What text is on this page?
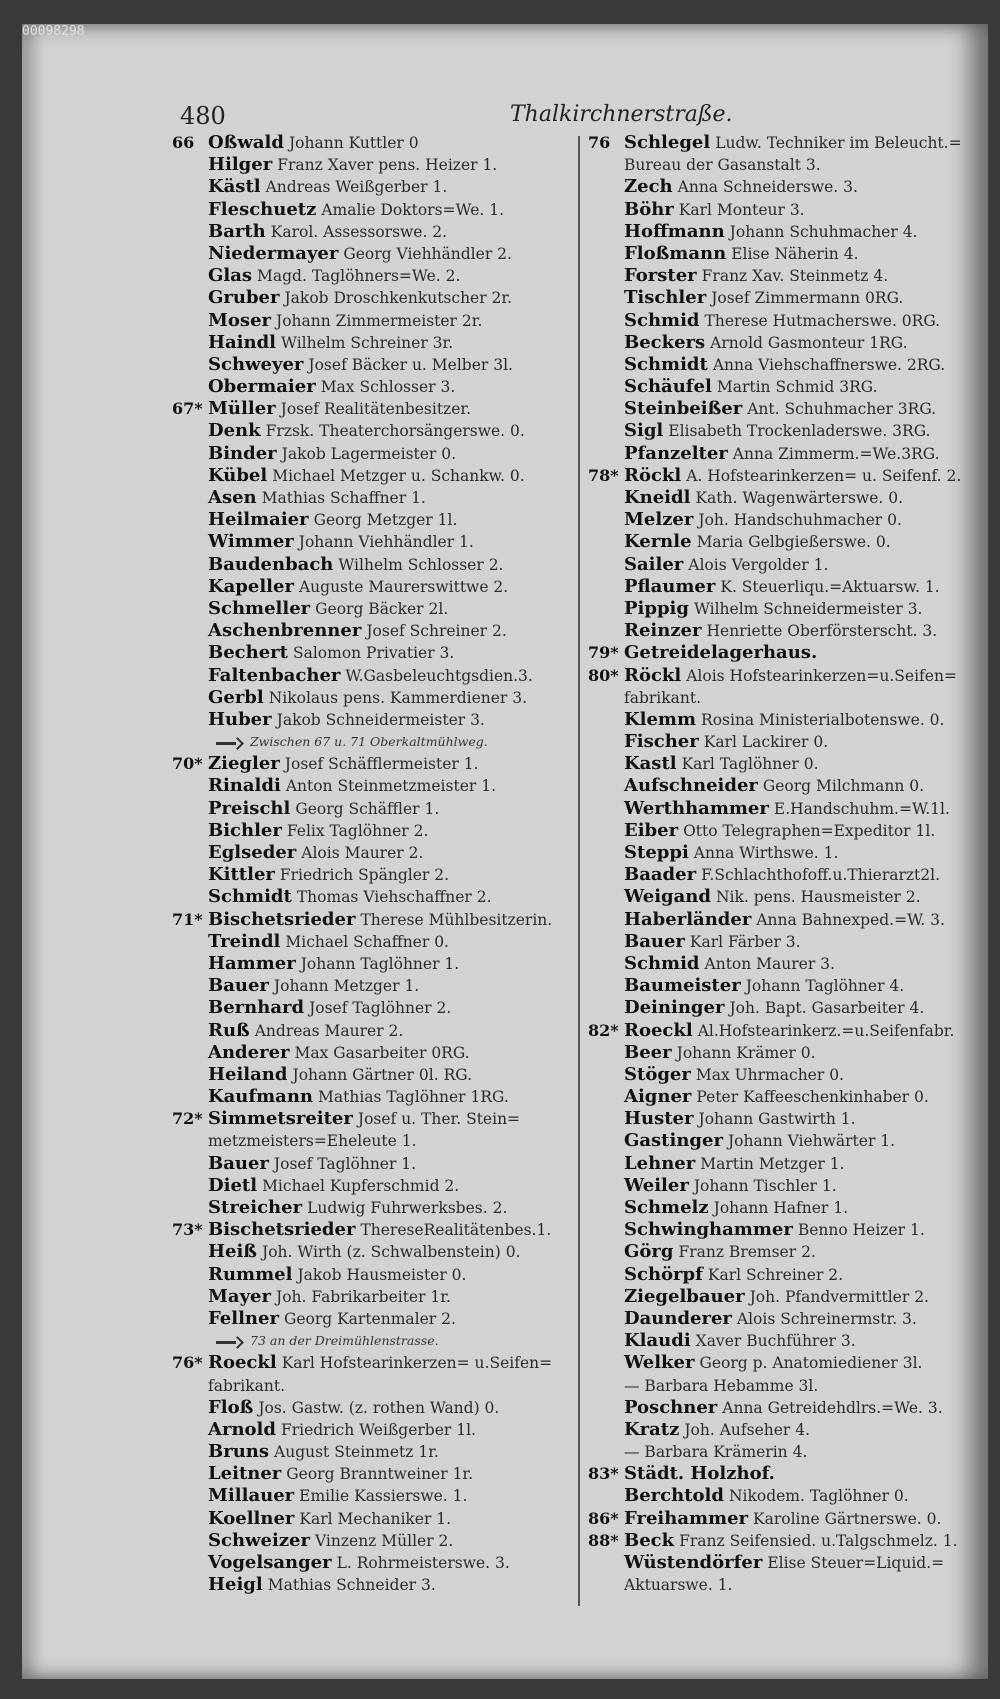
00098298
480	Thalkirchnerstraße.
66 Oßwald Johann Kuttler 0
Hilger Franz Xaver pens. Heizer 1.
Kästl Andreas Weißgerber 1.
Fleschuetz Amalie Doktors=We. 1.
Barth Karol. Assessorswe. 2.
Niedermayer Georg Viehhändler 2.
Glas Magd. Taglöhners=We. 2.
Gruber Jakob Droschkenkutscher 2r.
Moser Johann Zimmermeister 2r.
Haindl Wilhelm Schreiner 3r.
Schweyer Josef Bäcker u. Melber 3l.
Obermaier Max Schlosser 3.
67* Müller Josef Realitätenbesitzer.
Denk Frzsk. Theaterchorsängerswe. 0.
Binder Jakob Lagermeister 0.
Kübel Michael Metzger u. Schankw. 0.
Asen Mathias Schaffner 1.
Heilmaier Georg Metzger 1l.
Wimmer Johann Viehhändler 1.
Baudenbach Wilhelm Schlosser 2.
Kapeller Auguste Maurerswittwe 2.
Schmeller Georg Bäcker 2l.
Aschenbrenner Josef Schreiner 2.
Bechert Salomon Privatier 3.
Faltenbacher W.Gasbeleuchtgsdien.3.
Gerbl Nikolaus pens. Kammerdiener 3.
Huber Jakob Schneidermeister 3.
Zwischen 67 u. 71 Oberkaltmühlweg.
70* Ziegler Josef Schäfflermeister 1.
Rinaldi Anton Steinmetzmeister 1.
Preischl Georg Schäffler 1.
Bichler Felix Taglöhner 2.
Eglseder Alois Maurer 2.
Kittler Friedrich Spängler 2.
Schmidt Thomas Viehschaffner 2.
71* Bischetsrieder Therese Mühlbesitzerin.
Treindl Michael Schaffner 0.
Hammer Johann Taglöhner 1.
Bauer Johann Metzger 1.
Bernhard Josef Taglöhner 2.
Ruß Andreas Maurer 2.
Anderer Max Gasarbeiter 0RG.
Heiland Johann Gärtner 0l. RG.
Kaufmann Mathias Taglöhner 1RG.
72* Simmetsreiter Josef u. Ther. Stein=
metzmeisters=Eheleute 1.
Bauer Josef Taglöhner 1.
Dietl Michael Kupferschmid 2.
Streicher Ludwig Fuhrwerksbes. 2.
73* Bischetsrieder ThereseRealitätenbes.1.
Heiß Joh. Wirth (z. Schwalbenstein) 0.
Rummel Jakob Hausmeister 0.
Mayer Joh. Fabrikarbeiter 1r.
Fellner Georg Kartenmaler 2.
73 an der Dreimühlenstrasse.
76* Roeckl Karl Hofstearinkerzen= u.Seifen=
fabrikant.
Floß Jos. Gastw. (z. rothen Wand) 0.
Arnold Friedrich Weißgerber 1l.
Bruns August Steinmetz 1r.
Leitner Georg Branntweiner 1r.
Millauer Emilie Kassierswe. 1.
Koellner Karl Mechaniker 1.
Schweizer Vinzenz Müller 2.
Vogelsanger L. Rohrmeisterswe. 3.
Heigl Mathias Schneider 3.
76 Schlegel Ludw. Techniker im Beleucht.=
Bureau der Gasanstalt 3.
Zech Anna Schneiderswe. 3.
Böhr Karl Monteur 3.
Hoffmann Johann Schuhmacher 4.
Floßmann Elise Näherin 4.
Forster Franz Xav. Steinmetz 4.
Tischler Josef Zimmermann 0RG.
Schmid Therese Hutmacherswe. 0RG.
Beckers Arnold Gasmonteur 1RG.
Schmidt Anna Viehschaffnerswe. 2RG.
Schäufel Martin Schmid 3RG.
Steinbeißer Ant. Schuhmacher 3RG.
Sigl Elisabeth Trockenladerswe. 3RG.
Pfanzelter Anna Zimmerm.=We.3RG.
78* Röckl A. Hofstearinkerzen= u. Seifenf. 2.
Kneidl Kath. Wagenwärterswe. 0.
Melzer Joh. Handschuhmacher 0.
Kernle Maria Gelbgießerswe. 0.
Sailer Alois Vergolder 1.
Pflaumer K. Steuerliqu.=Aktuarsw. 1.
Pippig Wilhelm Schneidermeister 3.
Reinzer Henriette Oberförsterscht. 3.
79* Getreidelagerhaus.
80* Röckl Alois Hofstearinkerzen=u.Seifen=
fabrikant.
Klemm Rosina Ministerialbotenswe. 0.
Fischer Karl Lackirer 0.
Kastl Karl Taglöhner 0.
Aufschneider Georg Milchmann 0.
Werthhammer E.Handschuhm.=W.1l.
Eiber Otto Telegraphen=Expeditor 1l.
Steppi Anna Wirthswe. 1.
Baader F.Schlachthofoff.u.Thierarzt2l.
Weigand Nik. pens. Hausmeister 2.
Haberländer Anna Bahnexped.=W. 3.
Bauer Karl Färber 3.
Schmid Anton Maurer 3.
Baumeister Johann Taglöhner 4.
Deininger Joh. Bapt. Gasarbeiter 4.
82* Roeckl Al.Hofstearinkerz.=u.Seifenfabr.
Beer Johann Krämer 0.
Stöger Max Uhrmacher 0.
Aigner Peter Kaffeeschenkinhaber 0.
Huster Johann Gastwirth 1.
Gastinger Johann Viehwärter 1.
Lehner Martin Metzger 1.
Weiler Johann Tischler 1.
Schmelz Johann Hafner 1.
Schwinghammer Benno Heizer 1.
Görg Franz Bremser 2.
Schörpf Karl Schreiner 2.
Ziegelbauer Joh. Pfandvermittler 2.
Daunderer Alois Schreinermstr. 3.
Klaudi Xaver Buchführer 3.
Welker Georg p. Anatomiediener 3l.
— Barbara Hebamme 3l.
Poschner Anna Getreidehdlrs.=We. 3.
Kratz Joh. Aufseher 4.
— Barbara Krämerin 4.
83* Städt. Holzhof.
Berchtold Nikodem. Taglöhner 0.
86* Freihammer Karoline Gärtnerswe. 0.
88* Beck Franz Seifensied. u.Talgschmelz. 1.
Wüstendörfer Elise Steuer=Liquid.=
Aktuarswe. 1.
